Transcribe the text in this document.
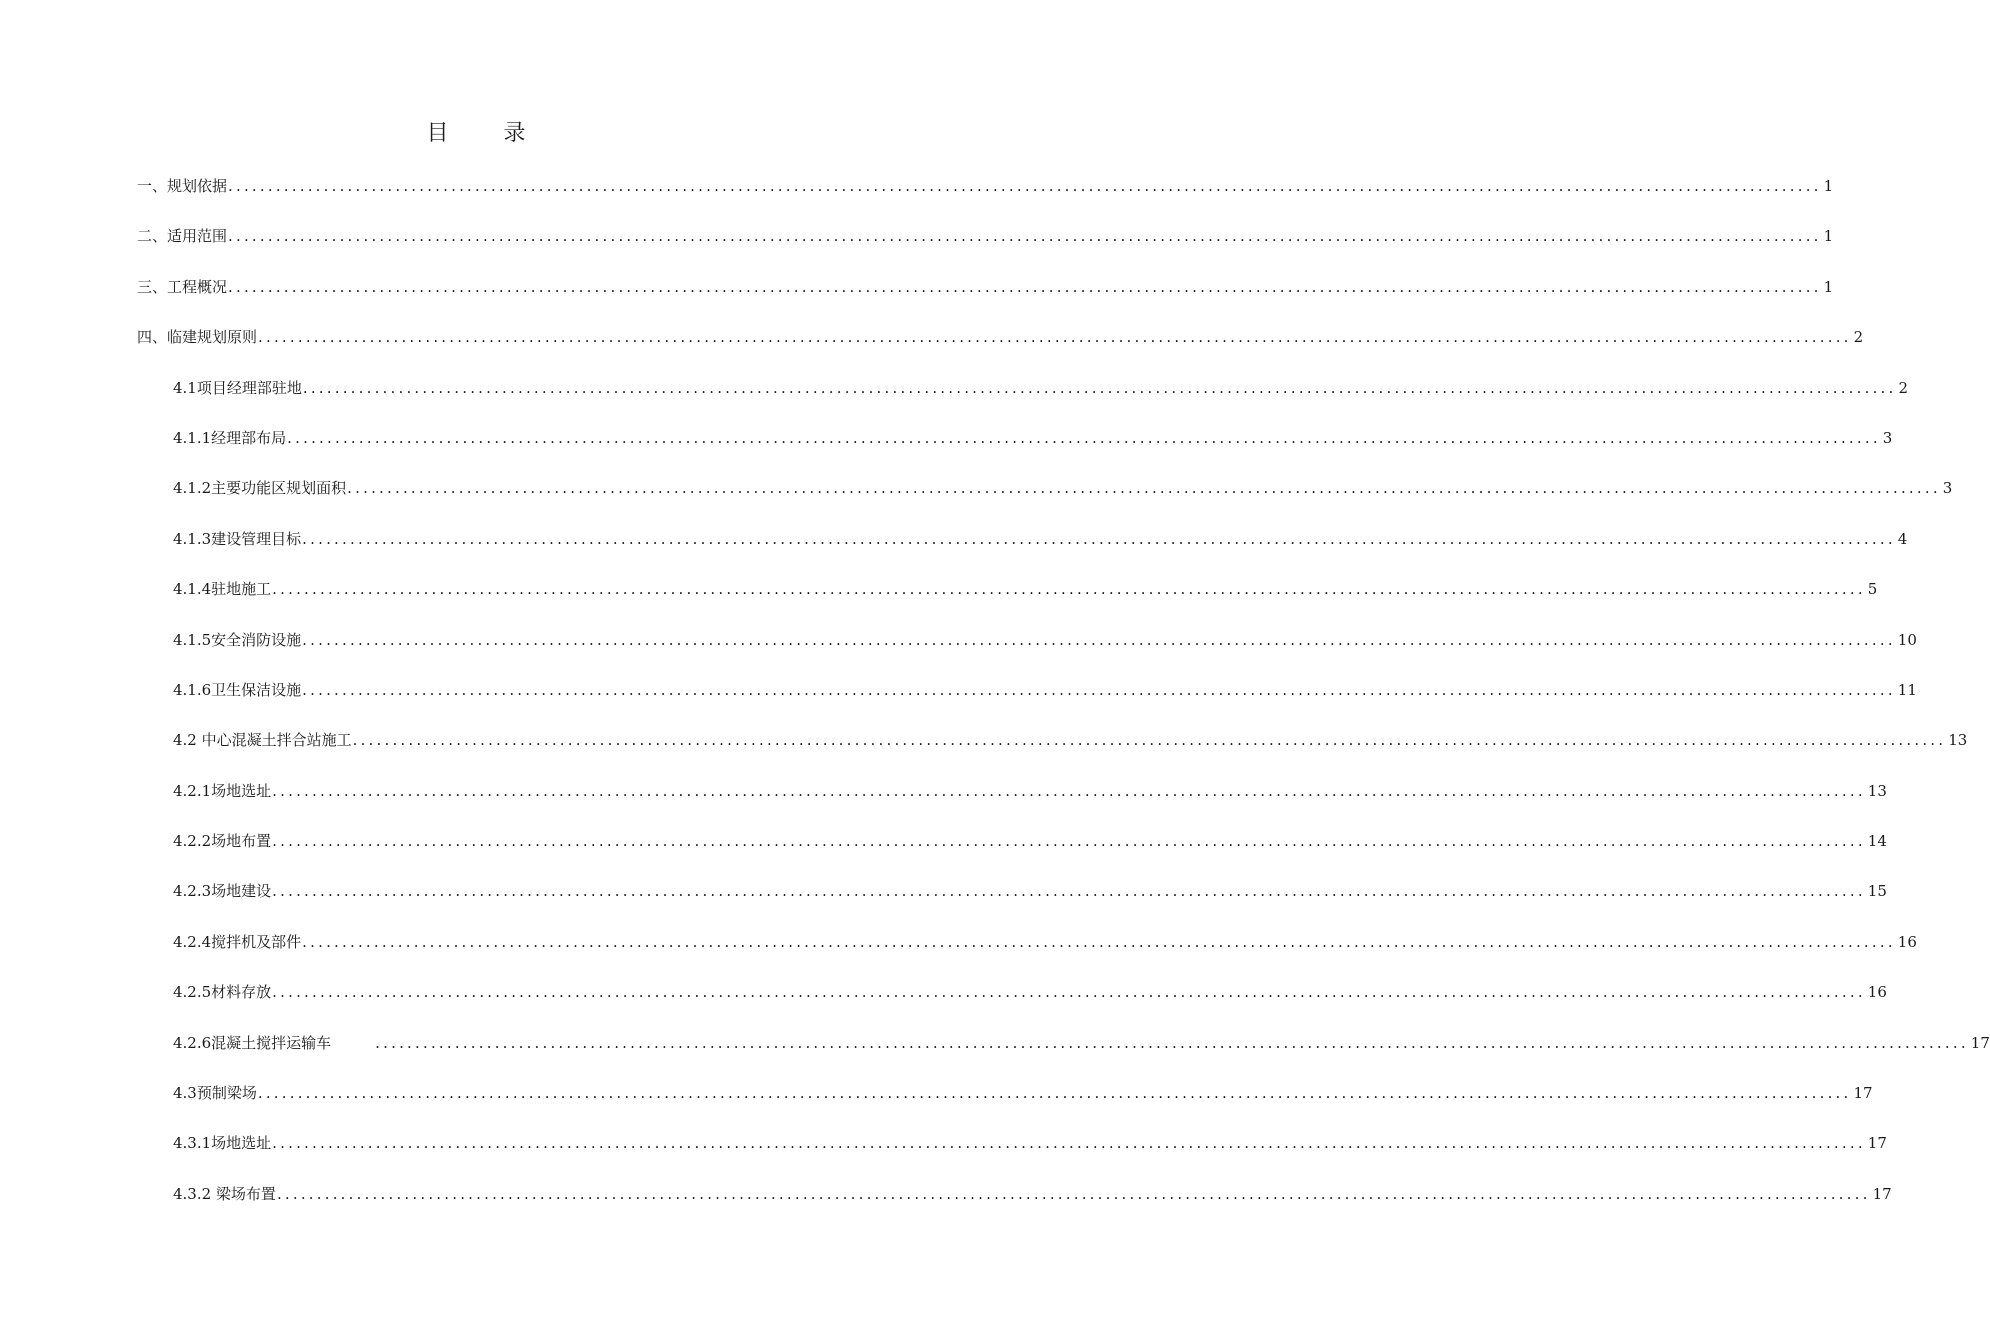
目 录
一、规划依据 ........................................................................................................................................................................................................ 1
二、适用范围 ........................................................................................................................................................................................................ 1
三、工程概况 ........................................................................................................................................................................................................ 1
四、临建规划原则 ........................................................................................................................................................................................................ 2
4.1项目经理部驻地 ........................................................................................................................................................................................................ 2
4.1.1经理部布局 ........................................................................................................................................................................................................ 3
4.1.2主要功能区规划面积 ........................................................................................................................................................................................................ 3
4.1.3建设管理目标 ........................................................................................................................................................................................................ 4
4.1.4驻地施工 ........................................................................................................................................................................................................ 5
4.1.5安全消防设施 ........................................................................................................................................................................................................ 10
4.1.6卫生保洁设施 ........................................................................................................................................................................................................ 11
4.2 中心混凝土拌合站施工 ........................................................................................................................................................................................................ 13
4.2.1场地选址 ........................................................................................................................................................................................................ 13
4.2.2场地布置 ........................................................................................................................................................................................................ 14
4.2.3场地建设 ........................................................................................................................................................................................................ 15
4.2.4搅拌机及部件 ........................................................................................................................................................................................................ 16
4.2.5材料存放 ........................................................................................................................................................................................................ 16
4.2.6混凝土搅拌运输车	........................................................................................................................................................................................................ 17
4.3预制梁场 ........................................................................................................................................................................................................ 17
4.3.1场地选址 ........................................................................................................................................................................................................ 17
4.3.2 梁场布置 ........................................................................................................................................................................................................ 17
